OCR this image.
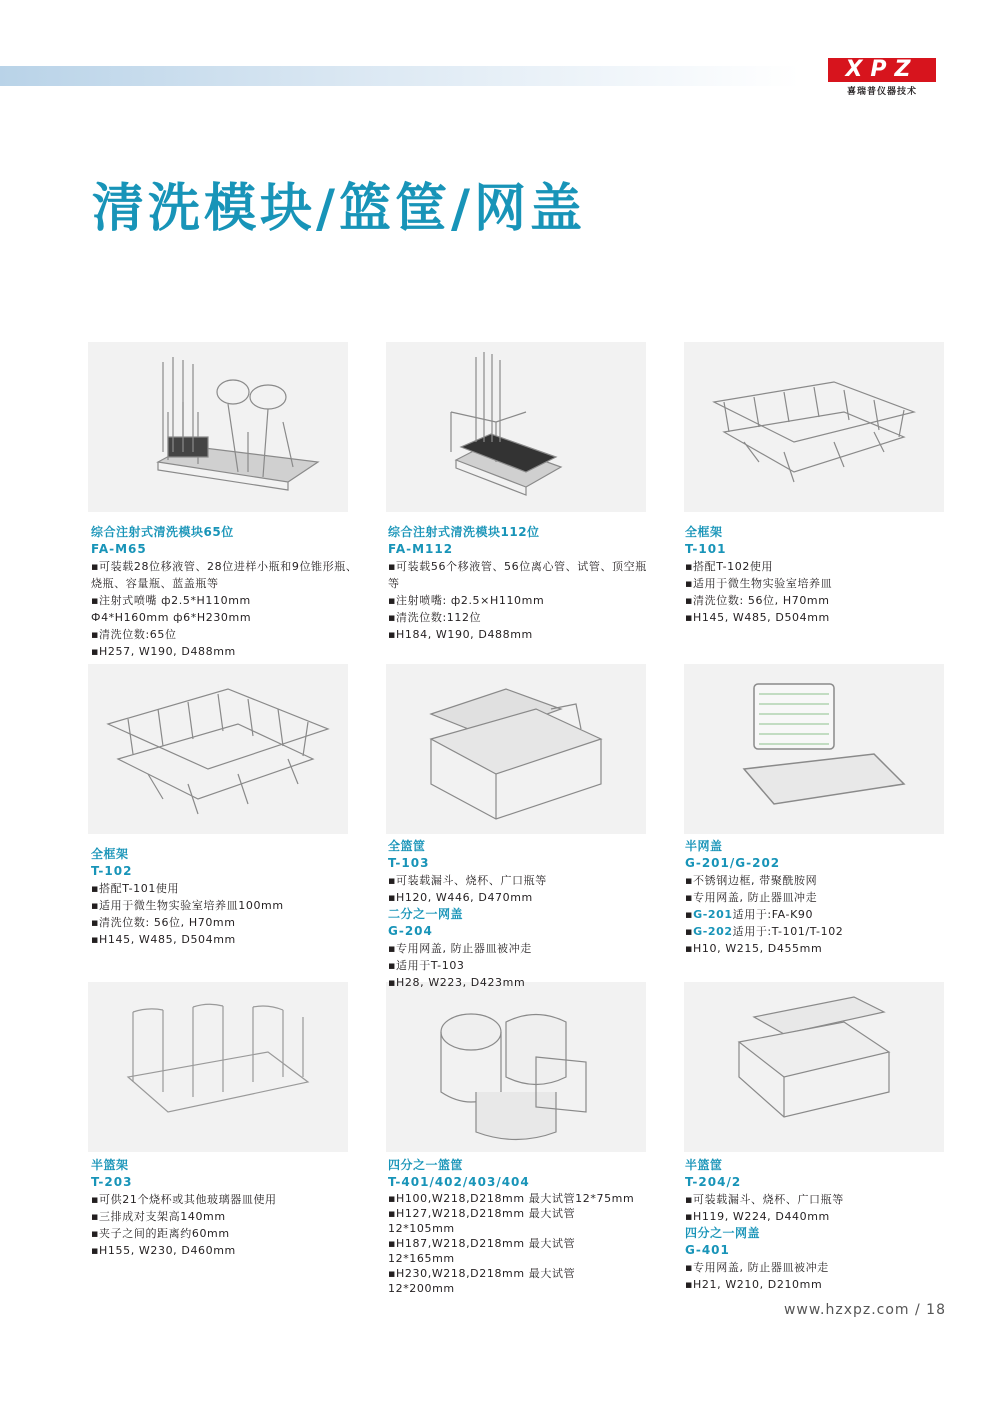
XPZ
喜瑞普仪器技术
清洗模块/篮筐/网盖
综合注射式清洗模块65位
FA-M65
▪可装载28位移液管、28位进样小瓶和9位锥形瓶、烧瓶、容量瓶、蓝盖瓶等
▪注射式喷嘴 ф2.5*H110mm
Ф4*H160mm ф6*H230mm
▪清洗位数:65位
▪H257, W190, D488mm
综合注射式清洗模块112位
FA-M112
▪可装载56个移液管、56位离心管、试管、顶空瓶等
▪注射喷嘴: ф2.5×H110mm
▪清洗位数:112位
▪H184, W190, D488mm
全框架
T-101
▪搭配T-102使用
▪适用于微生物实验室培养皿
▪清洗位数: 56位, H70mm
▪H145, W485, D504mm
全框架
T-102
▪搭配T-101使用
▪适用于微生物实验室培养皿100mm
▪清洗位数: 56位, H70mm
▪H145, W485, D504mm
全篮筐
T-103
▪可装载漏斗、烧杯、广口瓶等
▪H120, W446, D470mm
二分之一网盖
G-204
▪专用网盖, 防止器皿被冲走
▪适用于T-103
▪H28, W223, D423mm
半网盖
G-201/G-202
▪不锈钢边框, 带聚酰胺网
▪专用网盖, 防止器皿冲走
▪G-201适用于:FA-K90
▪G-202适用于:T-101/T-102
▪H10, W215, D455mm
半篮架
T-203
▪可供21个烧杯或其他玻璃器皿使用
▪三排成对支架高140mm
▪夹子之间的距离约60mm
▪H155, W230, D460mm
四分之一篮筐
T-401/402/403/404
▪H100,W218,D218mm 最大试管12*75mm
▪H127,W218,D218mm 最大试管
12*105mm
▪H187,W218,D218mm 最大试管
12*165mm
▪H230,W218,D218mm 最大试管
12*200mm
半篮筐
T-204/2
▪可装载漏斗、烧杯、广口瓶等
▪H119, W224, D440mm
四分之一网盖
G-401
▪专用网盖, 防止器皿被冲走
▪H21, W210, D210mm
www.hzxpz.com / 18
